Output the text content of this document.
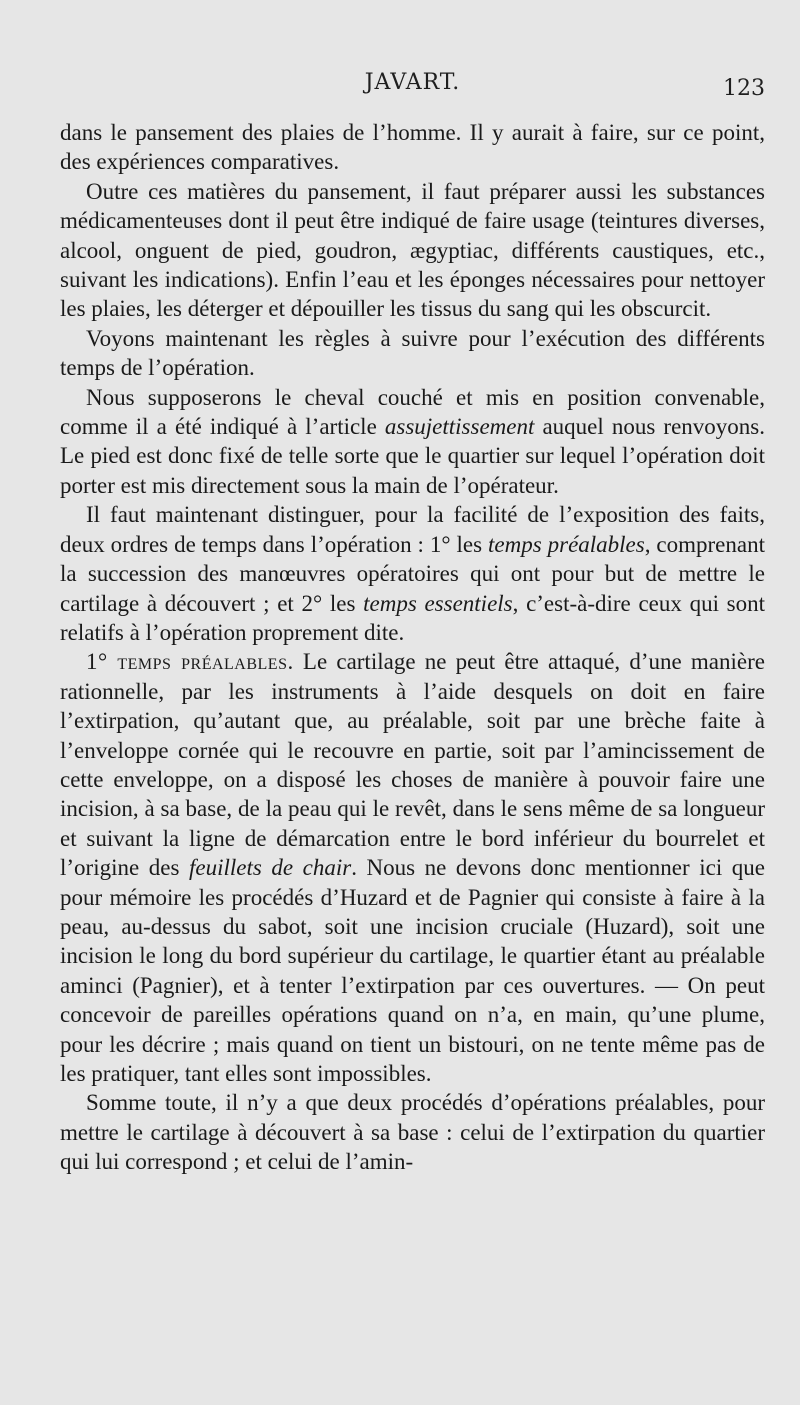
JAVART.	123

dans le pansement des plaies de l’homme. Il y aurait à faire, sur ce point, des expériences comparatives.

Outre ces matières du pansement, il faut préparer aussi les substances médicamenteuses dont il peut être indiqué de faire usage (teintures diverses, alcool, onguent de pied, goudron, ægyptiac, différents caustiques, etc., suivant les indications). Enfin l’eau et les éponges nécessaires pour nettoyer les plaies, les déterger et dépouiller les tissus du sang qui les obscurcit.

Voyons maintenant les règles à suivre pour l’exécution des différents temps de l’opération.

Nous supposerons le cheval couché et mis en position convenable, comme il a été indiqué à l’article assujettissement auquel nous renvoyons. Le pied est donc fixé de telle sorte que le quartier sur lequel l’opération doit porter est mis directement sous la main de l’opérateur.

Il faut maintenant distinguer, pour la facilité de l’exposition des faits, deux ordres de temps dans l’opération : 1° les temps préalables, comprenant la succession des manœuvres opératoires qui ont pour but de mettre le cartilage à découvert ; et 2° les temps essentiels, c’est-à-dire ceux qui sont relatifs à l’opération proprement dite.

1° temps préalables. Le cartilage ne peut être attaqué, d’une manière rationnelle, par les instruments à l’aide desquels on doit en faire l’extirpation, qu’autant que, au préalable, soit par une brèche faite à l’enveloppe cornée qui le recouvre en partie, soit par l’amincissement de cette enveloppe, on a disposé les choses de manière à pouvoir faire une incision, à sa base, de la peau qui le revêt, dans le sens même de sa longueur et suivant la ligne de démarcation entre le bord inférieur du bourrelet et l’origine des feuillets de chair. Nous ne devons donc mentionner ici que pour mémoire les procédés d’Huzard et de Pagnier qui consiste à faire à la peau, au-dessus du sabot, soit une incision cruciale (Huzard), soit une incision le long du bord supérieur du cartilage, le quartier étant au préalable aminci (Pagnier), et à tenter l’extirpation par ces ouvertures. — On peut concevoir de pareilles opérations quand on n’a, en main, qu’une plume, pour les décrire ; mais quand on tient un bistouri, on ne tente même pas de les pratiquer, tant elles sont impossibles.

Somme toute, il n’y a que deux procédés d’opérations préalables, pour mettre le cartilage à découvert à sa base : celui de l’extirpation du quartier qui lui correspond ; et celui de l’amin-
